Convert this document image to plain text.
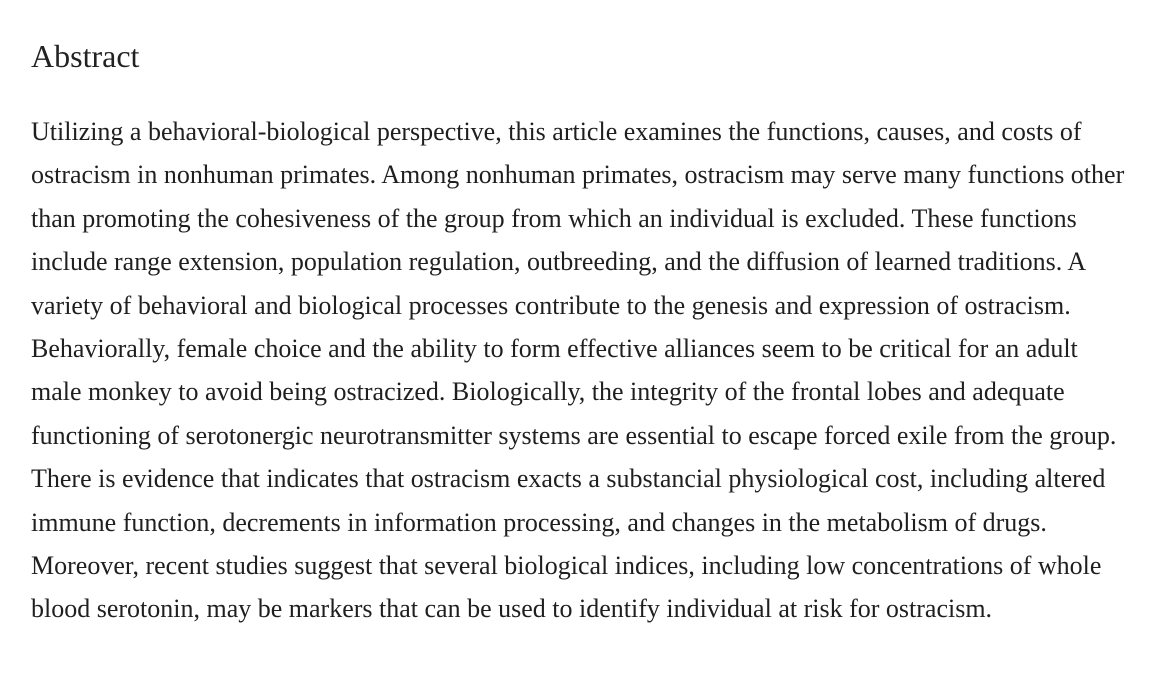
Abstract

Utilizing a behavioral-biological perspective, this article examines the functions, causes, and costs of ostracism in nonhuman primates. Among nonhuman primates, ostracism may serve many functions other than promoting the cohesiveness of the group from which an individual is excluded. These functions include range extension, population regulation, outbreeding, and the diffusion of learned traditions. A variety of behavioral and biological processes contribute to the genesis and expression of ostracism. Behaviorally, female choice and the ability to form effective alliances seem to be critical for an adult male monkey to avoid being ostracized. Biologically, the integrity of the frontal lobes and adequate functioning of serotonergic neurotransmitter systems are essential to escape forced exile from the group. There is evidence that indicates that ostracism exacts a substancial physiological cost, including altered immune function, decrements in information processing, and changes in the metabolism of drugs. Moreover, recent studies suggest that several biological indices, including low concentrations of whole blood serotonin, may be markers that can be used to identify individual at risk for ostracism.
